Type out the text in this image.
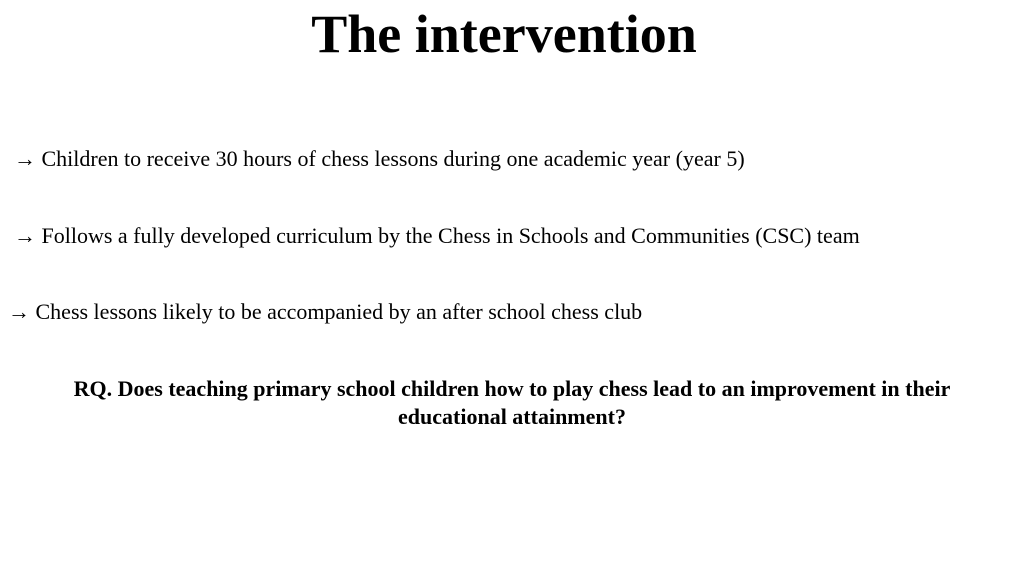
The intervention

→ Children to receive 30 hours of chess lessons during one academic year (year 5)

→ Follows a fully developed curriculum by the Chess in Schools and Communities (CSC) team

→ Chess lessons likely to be accompanied by an after school chess club

RQ. Does teaching primary school children how to play chess lead to an improvement in their educational attainment?
